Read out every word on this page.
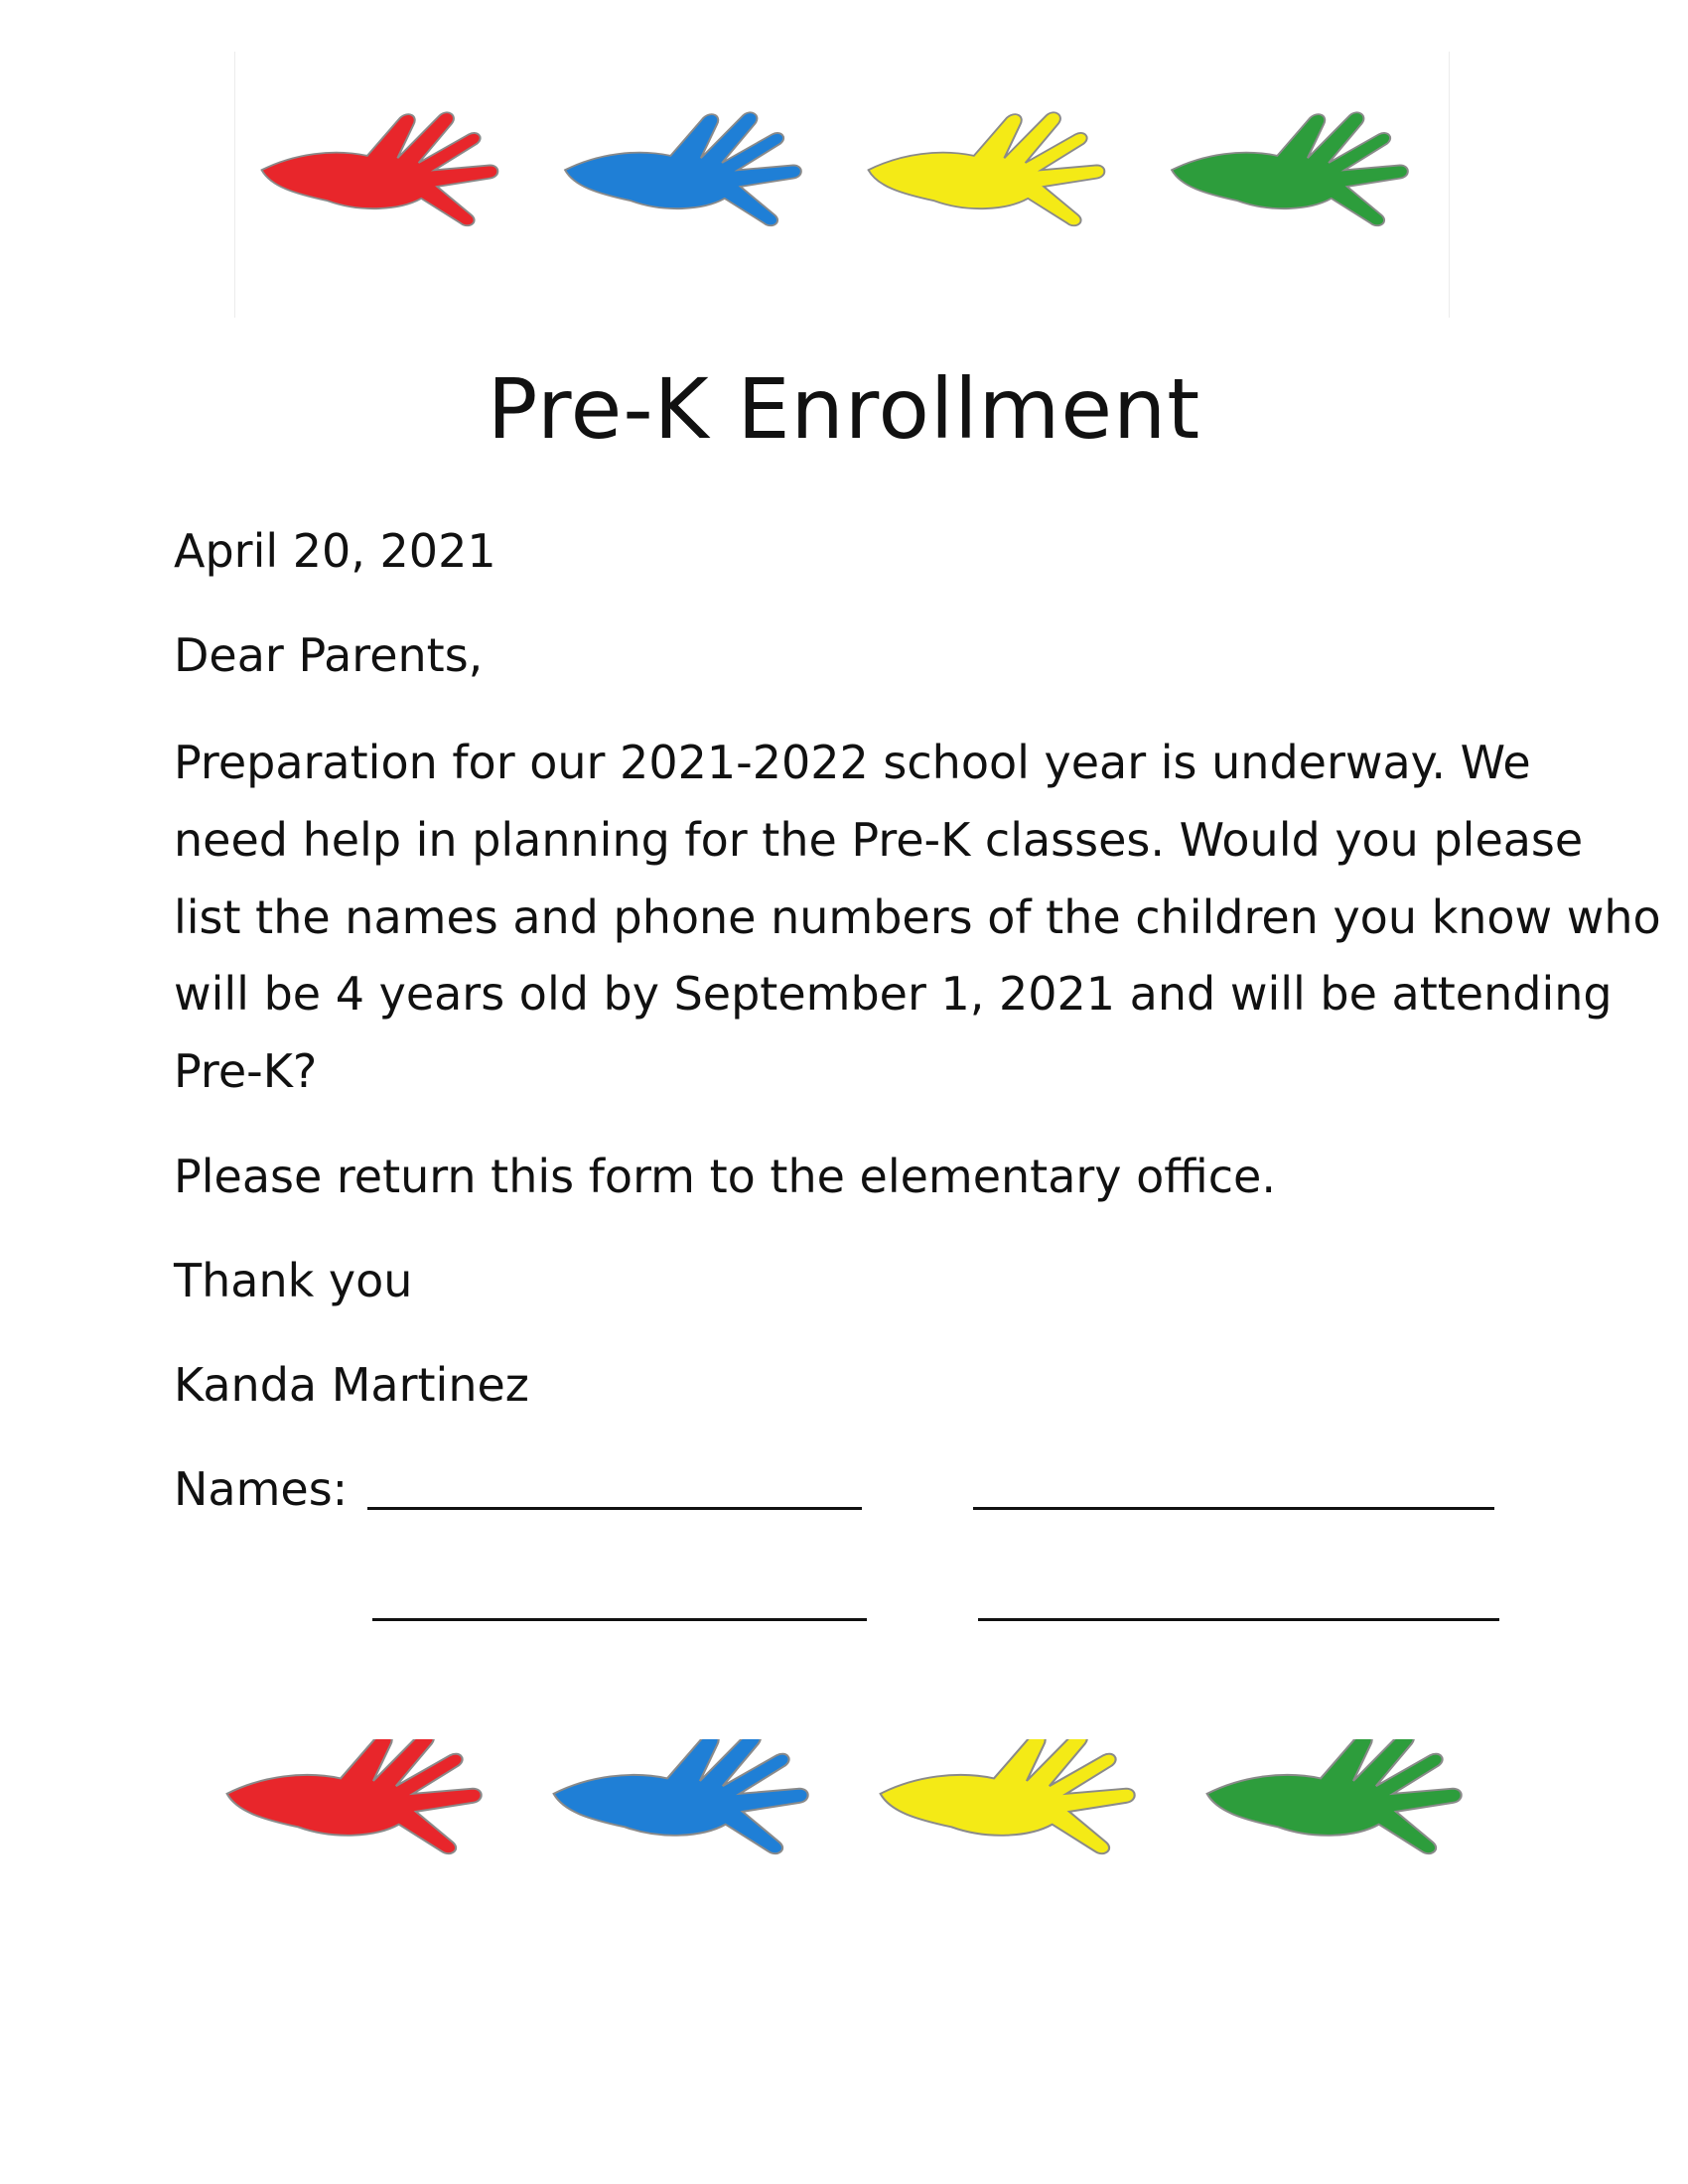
Pre-K Enrollment
April 20, 2021
Dear Parents,
Preparation for our 2021-2022 school year is underway. We
need help in planning for the Pre-K classes. Would you please
list the names and phone numbers of the children you know who
will be 4 years old by September 1, 2021 and will be attending
Pre-K?
Please return this form to the elementary office.
Thank you
Kanda Martinez
Names:
